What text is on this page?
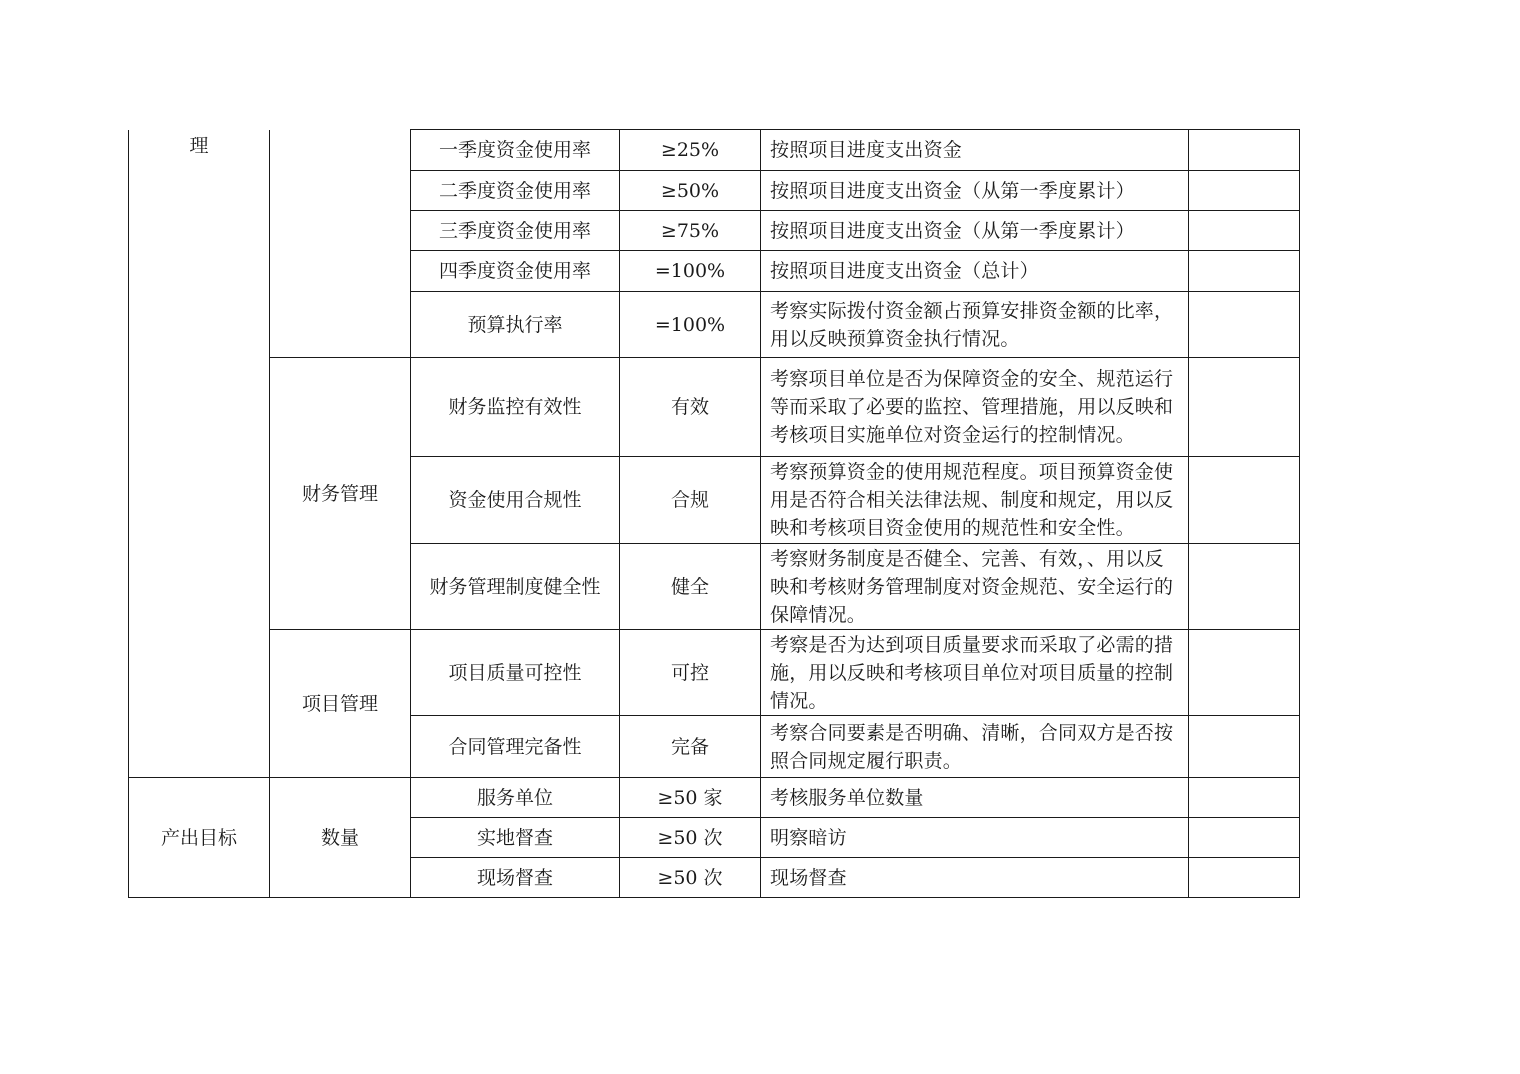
理		一季度资金使用率	≥25%	按照项目进度支出资金	
		二季度资金使用率	≥50%	按照项目进度支出资金（从第一季度累计）	
		三季度资金使用率	≥75%	按照项目进度支出资金（从第一季度累计）	
		四季度资金使用率	=100%	按照项目进度支出资金（总计）	
		预算执行率	=100%	考察实际拨付资金额占预算安排资金额的比率，用以反映预算资金执行情况。	
	财务管理	财务监控有效性	有效	考察项目单位是否为保障资金的安全、规范运行等而采取了必要的监控、管理措施，用以反映和考核项目实施单位对资金运行的控制情况。	
		资金使用合规性	合规	考察预算资金的使用规范程度。项目预算资金使用是否符合相关法律法规、制度和规定，用以反映和考核项目资金使用的规范性和安全性。	
		财务管理制度健全性	健全	考察财务制度是否健全、完善、有效，、用以反映和考核财务管理制度对资金规范、安全运行的保障情况。	
	项目管理	项目质量可控性	可控	考察是否为达到项目质量要求而采取了必需的措施，用以反映和考核项目单位对项目质量的控制情况。	
		合同管理完备性	完备	考察合同要素是否明确、清晰，合同双方是否按照合同规定履行职责。	
产出目标	数量	服务单位	≥50 家	考核服务单位数量	
		实地督查	≥50 次	明察暗访	
		现场督查	≥50 次	现场督查	
